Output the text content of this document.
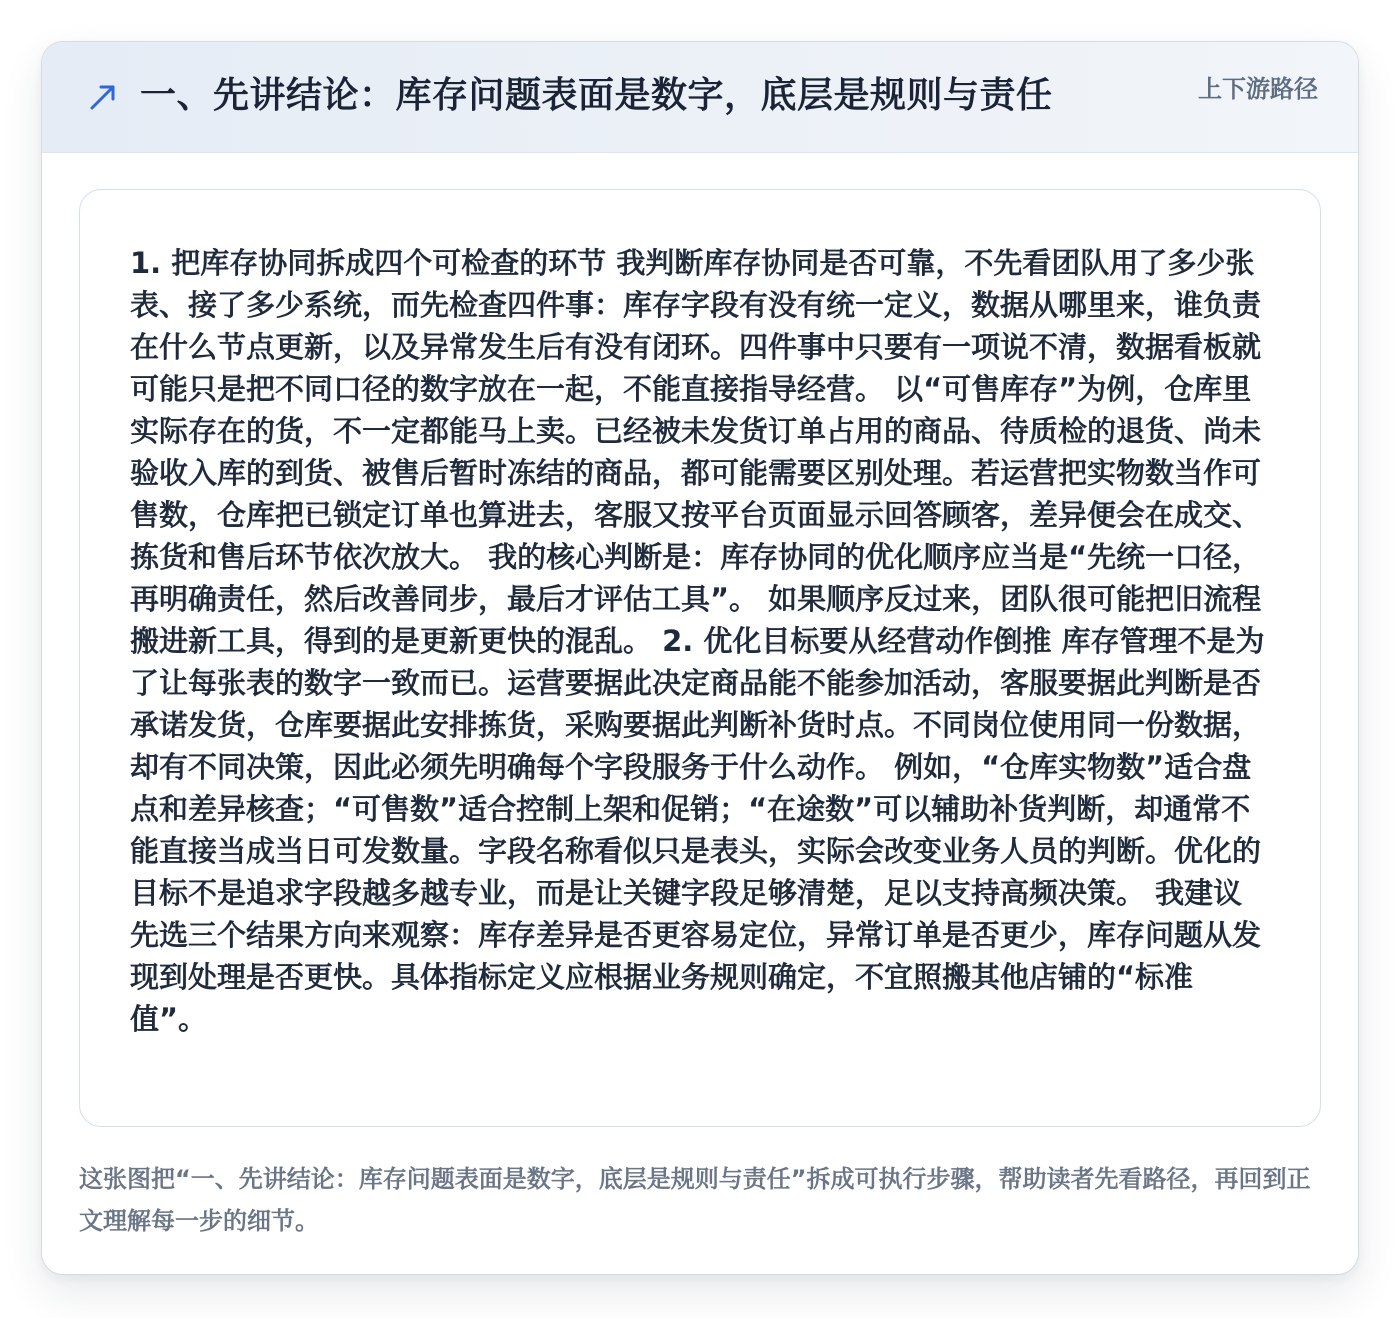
一、先讲结论：库存问题表面是数字，底层是规则与责任	上下游路径

1. 把库存协同拆成四个可检查的环节 我判断库存协同是否可靠，不先看团队用了多少张表、接了多少系统，而先检查四件事：库存字段有没有统一定义，数据从哪里来，谁负责在什么节点更新，以及异常发生后有没有闭环。四件事中只要有一项说不清，数据看板就可能只是把不同口径的数字放在一起，不能直接指导经营。 以“可售库存”为例，仓库里实际存在的货，不一定都能马上卖。已经被未发货订单占用的商品、待质检的退货、尚未验收入库的到货、被售后暂时冻结的商品，都可能需要区别处理。若运营把实物数当作可售数，仓库把已锁定订单也算进去，客服又按平台页面显示回答顾客，差异便会在成交、拣货和售后环节依次放大。 我的核心判断是：库存协同的优化顺序应当是“先统一口径，再明确责任，然后改善同步，最后才评估工具”。 如果顺序反过来，团队很可能把旧流程搬进新工具，得到的是更新更快的混乱。 2. 优化目标要从经营动作倒推 库存管理不是为了让每张表的数字一致而已。运营要据此决定商品能不能参加活动，客服要据此判断是否承诺发货，仓库要据此安排拣货，采购要据此判断补货时点。不同岗位使用同一份数据，却有不同决策，因此必须先明确每个字段服务于什么动作。 例如，“仓库实物数”适合盘点和差异核查；“可售数”适合控制上架和促销；“在途数”可以辅助补货判断，却通常不能直接当成当日可发数量。字段名称看似只是表头，实际会改变业务人员的判断。优化的目标不是追求字段越多越专业，而是让关键字段足够清楚，足以支持高频决策。 我建议先选三个结果方向来观察：库存差异是否更容易定位，异常订单是否更少，库存问题从发现到处理是否更快。具体指标定义应根据业务规则确定，不宜照搬其他店铺的“标准值”。

这张图把“一、先讲结论：库存问题表面是数字，底层是规则与责任”拆成可执行步骤，帮助读者先看路径，再回到正文理解每一步的细节。
